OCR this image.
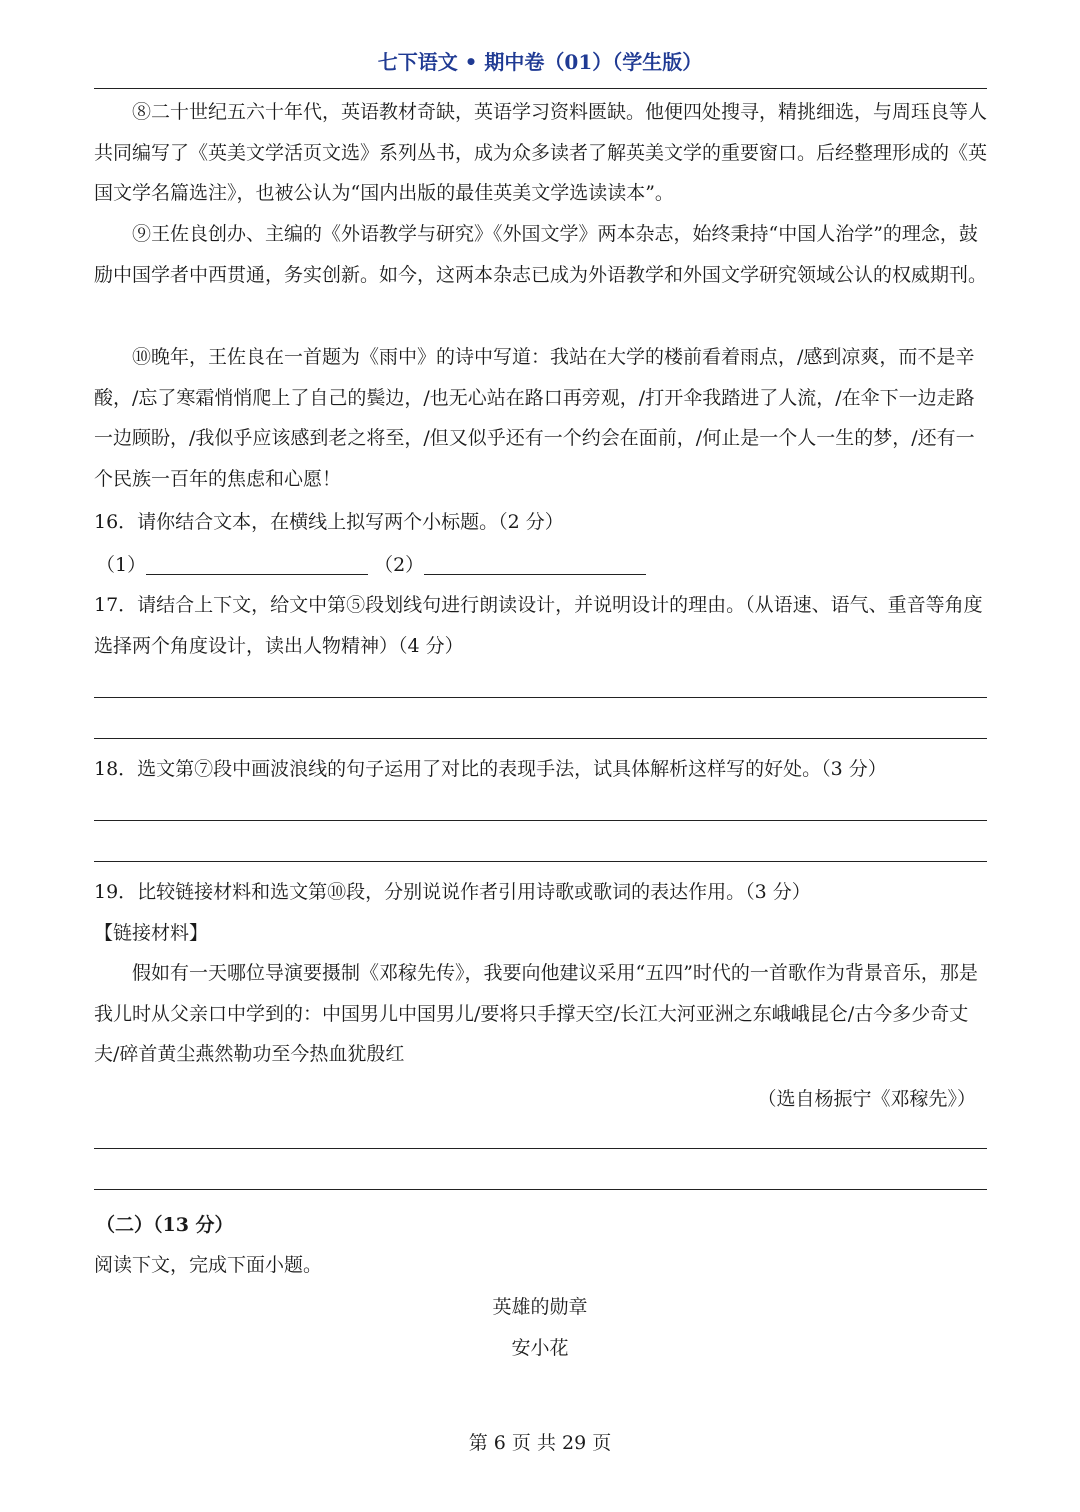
七下语文 • 期中卷（01）（学生版）
⑧二十世纪五六十年代，英语教材奇缺，英语学习资料匮缺。他便四处搜寻，精挑细选，与周珏良等人共同编写了《英美文学活页文选》系列丛书，成为众多读者了解英美文学的重要窗口。后经整理形成的《英国文学名篇选注》，也被公认为“国内出版的最佳英美文学选读读本”。
⑨王佐良创办、主编的《外语教学与研究》《外国文学》两本杂志，始终秉持“中国人治学”的理念，鼓励中国学者中西贯通，务实创新。如今，这两本杂志已成为外语教学和外国文学研究领域公认的权威期刊。
⑩晚年，王佐良在一首题为《雨中》的诗中写道：我站在大学的楼前看着雨点，/感到凉爽，而不是辛酸，/忘了寒霜悄悄爬上了自己的鬓边，/也无心站在路口再旁观，/打开伞我踏进了人流，/在伞下一边走路一边顾盼，/我似乎应该感到老之将至，/但又似乎还有一个约会在面前，/何止是一个人一生的梦，/还有一个民族一百年的焦虑和心愿！
16．请你结合文本，在横线上拟写两个小标题。（2 分）
（1）	（2）
17．请结合上下文，给文中第⑤段划线句进行朗读设计，并说明设计的理由。（从语速、语气、重音等角度选择两个角度设计，读出人物精神）（4 分）
18．选文第⑦段中画波浪线的句子运用了对比的表现手法，试具体解析这样写的好处。（3 分）
19．比较链接材料和选文第⑩段，分别说说作者引用诗歌或歌词的表达作用。（3 分）
【链接材料】
假如有一天哪位导演要摄制《邓稼先传》，我要向他建议采用“五四”时代的一首歌作为背景音乐，那是我儿时从父亲口中学到的：中国男儿中国男儿/要将只手撑天空/长江大河亚洲之东峨峨昆仑/古今多少奇丈夫/碎首黄尘燕然勒功至今热血犹殷红
（选自杨振宁《邓稼先》）
（二）（13 分）
阅读下文，完成下面小题。
英雄的勋章
安小花
第 6 页 共 29 页
